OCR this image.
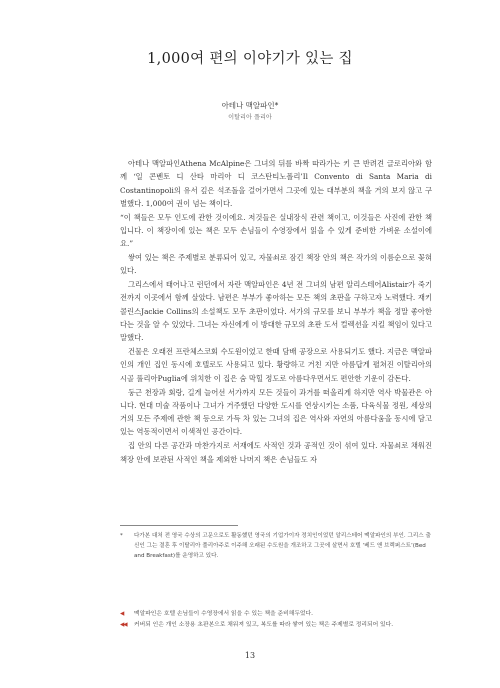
1,000여 편의 이야기가 있는 집
아테나 맥알파인*
이탈리아 플리아

아테나 맥알파인Athena McAlpine은 그녀의 뒤를 바짝 따라가는 키 큰 반려견 글로리아와 함께 ‘일 콘벤토 디 산타 마리아 디 코스탄티노폴리’Il Convento di Santa Maria di Costantinopoli의 유서 깊은 석조돌을 걸어가면서 그곳에 있는 대부분의 책을 거의 보지 않고 구별했다. 1,000여 권이 넘는 책이다.

“이 책들은 모두 인도에 관한 것이에요. 저것들은 실내장식 관련 책이고, 이것들은 사진에 관한 책입니다. 이 책장이에 있는 책은 모두 손님들이 수영장에서 읽을 수 있게 준비한 가벼운 소설이에요.”

쌓여 있는 책은 주제별로 분류되어 있고, 자물쇠로 잠긴 책장 안의 책은 작가의 이름순으로 꽂혀 있다.

그리스에서 태어나고 런던에서 자란 맥알파인은 4년 전 그녀의 남편 알리스테어Alistair가 죽기 전까지 이곳에서 함께 살았다. 남편은 부부가 좋아하는 모든 책의 초판을 구하고자 노력했다. 재키 콜린스Jackie Collins의 소설책도 모두 초판이었다. 서가의 규모를 보니 부부가 책을 정말 좋아한다는 것을 알 수 있었다. 그녀는 자신에게 이 방대한 규모의 초판 도서 컬렉션을 지킬 책임이 있다고 말했다.

건물은 오래전 프란체스코회 수도원이었고 한때 담배 공장으로 사용되기도 했다. 지금은 맥알파인의 개인 집인 동시에 호텔로도 사용되고 있다. 황량하고 거친 지만 아름답게 펼쳐진 이탈리아의 시골 풀리아Puglia에 위치한 이 집은 숨 막힐 정도로 아름다우면서도 편안한 기운이 감돈다.

둥근 천장과 회랑, 길게 늘어선 서가까지 모든 것들이 과거를 떠올리게 하지만 역사 박물관은 아니다. 현대 미술 작품이나 그녀가 거주했던 다양한 도시를 연상시키는 소품, 다육식물 정원, 세상의 거의 모든 주제에 관한 책 등으로 가득 차 있는 그녀의 집은 역사와 자연의 아름다움을 동시에 담고 있는 역동적이면서 이색적인 공간이다.

집 안의 다른 공간과 마찬가지로 서재에도 사적인 것과 공적인 것이 섞여 있다. 자물쇠로 채워진 책장 안에 보관된 사적인 책을 제외한 나머지 책은 손님들도 자

*	다가본 대처 전 영국 수상의 고문으로도 활동했던 영국의 기업가이자 정치인이었던 알리스테어 맥알파인의 부인. 그리스 출신인 그는 결혼 후 이탈리아 풀리아주로 이주해 오래된 수도원을 개조하고 그곳에 살면서 호텔 ‘베드 앤 브렉퍼스트’(Bed and Breakfast)를 운영하고 있다.
◀	맥알파인은 호텔 손님들이 수영장에서 읽을 수 있는 책을 준비해두었다.
◀◀	커버되 인은 개인 소장용 초판본으로 채워져 있고, 복도를 따라 쌓여 있는 책은 주제별로 정리되어 있다.
13
